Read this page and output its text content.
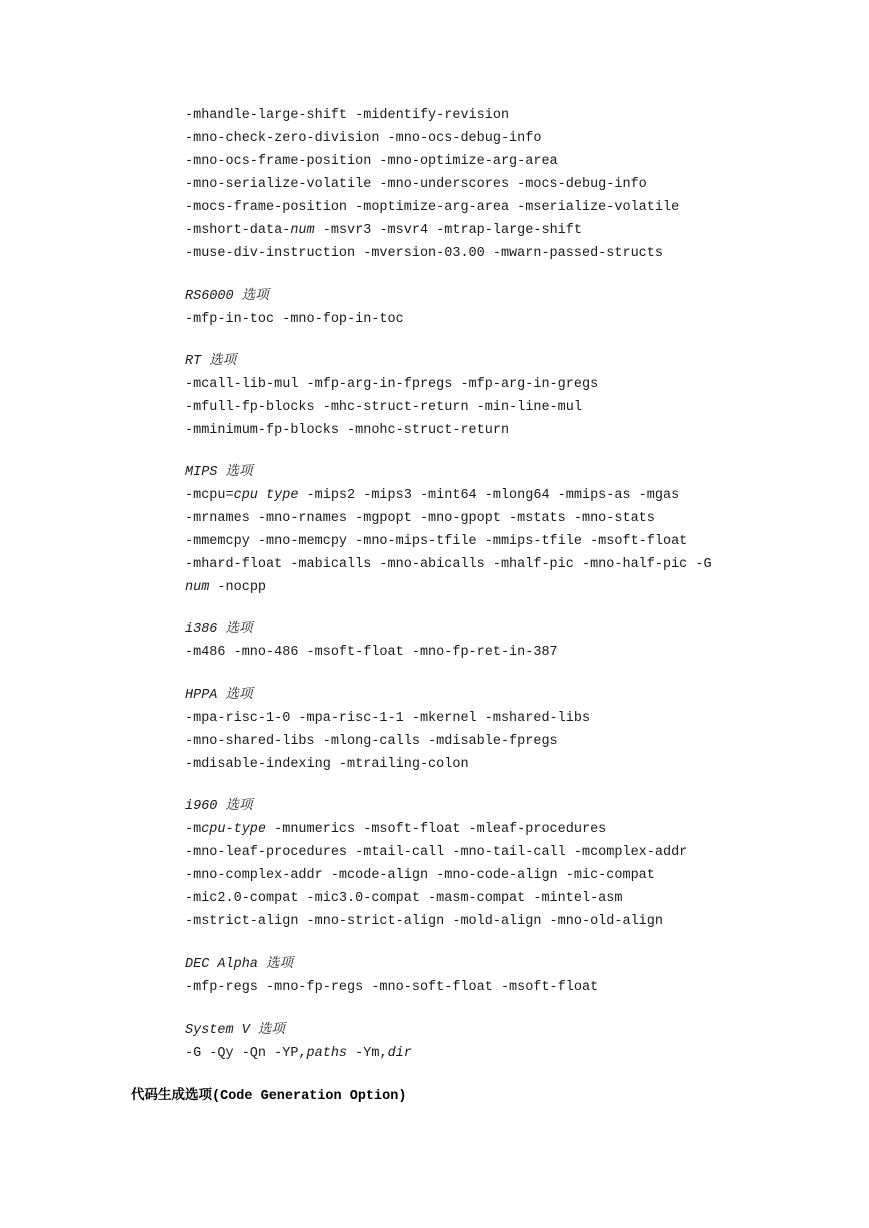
-mhandle-large-shift -midentify-revision
-mno-check-zero-division -mno-ocs-debug-info
-mno-ocs-frame-position -mno-optimize-arg-area
-mno-serialize-volatile -mno-underscores -mocs-debug-info
-mocs-frame-position -moptimize-arg-area -mserialize-volatile
-mshort-data-num -msvr3 -msvr4 -mtrap-large-shift
-muse-div-instruction -mversion-03.00 -mwarn-passed-structs
RS6000 选项
-mfp-in-toc -mno-fop-in-toc
RT 选项
-mcall-lib-mul -mfp-arg-in-fpregs -mfp-arg-in-gregs
-mfull-fp-blocks -mhc-struct-return -min-line-mul
-mminimum-fp-blocks -mnohc-struct-return
MIPS 选项
-mcpu=cpu type -mips2 -mips3 -mint64 -mlong64 -mmips-as -mgas
-mrnames -mno-rnames -mgpopt -mno-gpopt -mstats -mno-stats
-mmemcpy -mno-memcpy -mno-mips-tfile -mmips-tfile -msoft-float
-mhard-float -mabicalls -mno-abicalls -mhalf-pic -mno-half-pic -G
num -nocpp
i386 选项
-m486 -mno-486 -msoft-float -mno-fp-ret-in-387
HPPA 选项
-mpa-risc-1-0 -mpa-risc-1-1 -mkernel -mshared-libs
-mno-shared-libs -mlong-calls -mdisable-fpregs
-mdisable-indexing -mtrailing-colon
i960 选项
-mcpu-type -mnumerics -msoft-float -mleaf-procedures
-mno-leaf-procedures -mtail-call -mno-tail-call -mcomplex-addr
-mno-complex-addr -mcode-align -mno-code-align -mic-compat
-mic2.0-compat -mic3.0-compat -masm-compat -mintel-asm
-mstrict-align -mno-strict-align -mold-align -mno-old-align
DEC Alpha 选项
-mfp-regs -mno-fp-regs -mno-soft-float -msoft-float
System V 选项
-G -Qy -Qn -YP,paths -Ym,dir
代码生成选项(Code Generation Option)
